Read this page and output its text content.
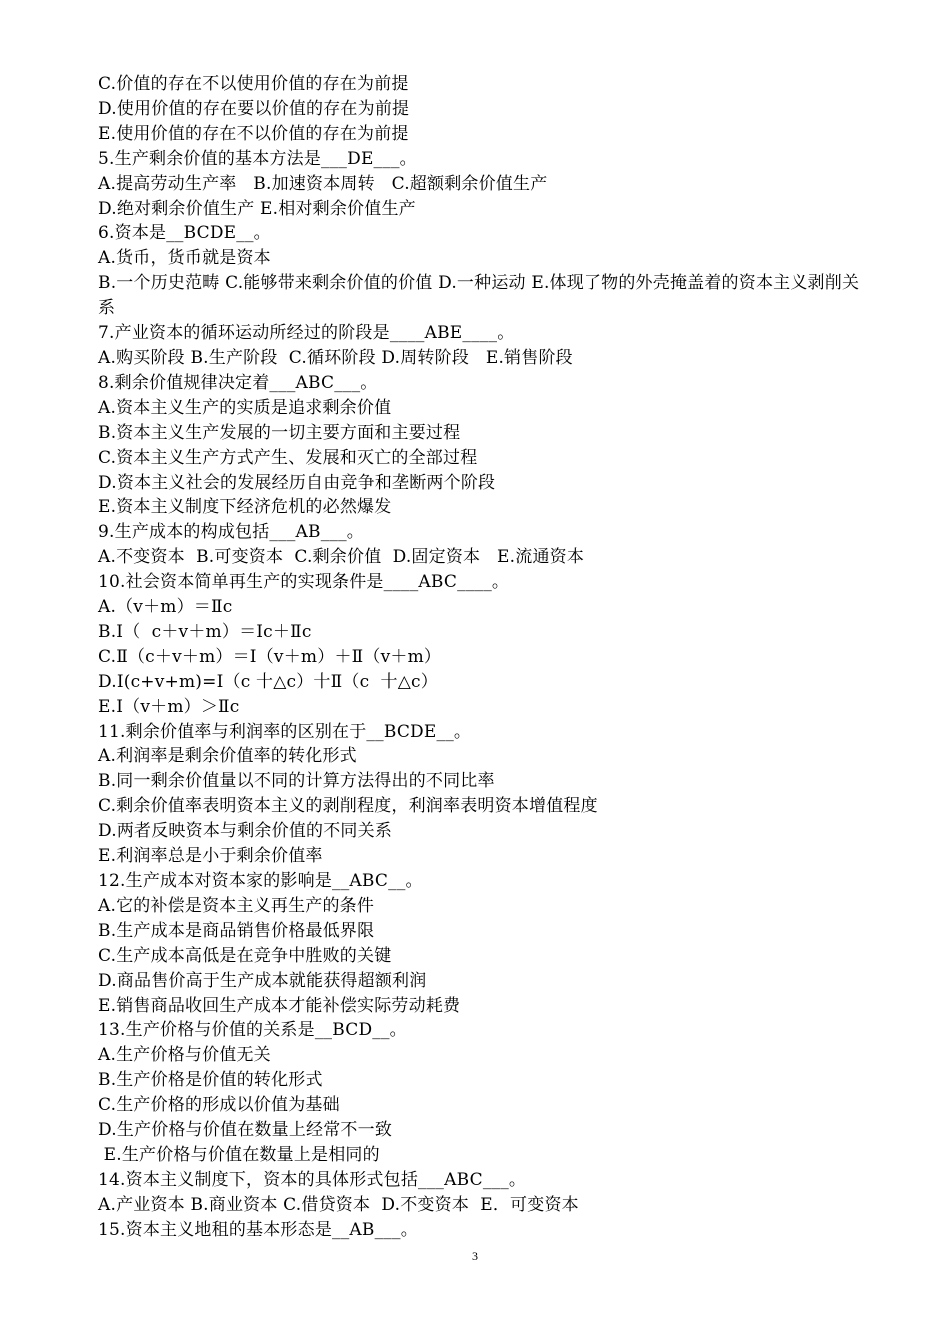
C.价值的存在不以使用价值的存在为前提
D.使用价值的存在要以价值的存在为前提
E.使用价值的存在不以价值的存在为前提
5.生产剩余价值的基本方法是___DE___。
A.提高劳动生产率   B.加速资本周转   C.超额剩余价值生产
D.绝对剩余价值生产 E.相对剩余价值生产
6.资本是__BCDE__。
A.货币，货币就是资本
B.一个历史范畴 C.能够带来剩余价值的价值 D.一种运动 E.体现了物的外壳掩盖着的资本主义剥削关系
7.产业资本的循环运动所经过的阶段是____ABE____。
A.购买阶段 B.生产阶段  C.循环阶段 D.周转阶段   E.销售阶段
8.剩余价值规律决定着___ABC___。
A.资本主义生产的实质是追求剩余价值
B.资本主义生产发展的一切主要方面和主要过程
C.资本主义生产方式产生、发展和灭亡的全部过程
D.资本主义社会的发展经历自由竞争和垄断两个阶段
E.资本主义制度下经济危机的必然爆发
9.生产成本的构成包括___AB___。
A.不变资本  B.可变资本  C.剩余价值  D.固定资本   E.流通资本
10.社会资本简单再生产的实现条件是____ABC____。
A.（v＋m）＝Ⅱc
B.Ⅰ（  c＋v＋m）＝Ⅰc＋Ⅱc
C.Ⅱ（c＋v＋m）＝Ⅰ（v＋m）＋Ⅱ（v＋m）
D.Ⅰ(c+v+m)=Ⅰ（c 十△c）十Ⅱ（c  十△c）
E.Ⅰ（v＋m）＞Ⅱc
11.剩余价值率与利润率的区别在于__BCDE__。
A.利润率是剩余价值率的转化形式
B.同一剩余价值量以不同的计算方法得出的不同比率
C.剩余价值率表明资本主义的剥削程度，利润率表明资本增值程度
D.两者反映资本与剩余价值的不同关系
E.利润率总是小于剩余价值率
12.生产成本对资本家的影响是__ABC__。
A.它的补偿是资本主义再生产的条件
B.生产成本是商品销售价格最低界限
C.生产成本高低是在竞争中胜败的关键
D.商品售价高于生产成本就能获得超额利润
E.销售商品收回生产成本才能补偿实际劳动耗费
13.生产价格与价值的关系是__BCD__。
A.生产价格与价值无关
B.生产价格是价值的转化形式
C.生产价格的形成以价值为基础
D.生产价格与价值在数量上经常不一致
E.生产价格与价值在数量上是相同的
14.资本主义制度下，资本的具体形式包括___ABC___。
A.产业资本 B.商业资本 C.借贷资本  D.不变资本  E．可变资本
15.资本主义地租的基本形态是__AB___。
3
